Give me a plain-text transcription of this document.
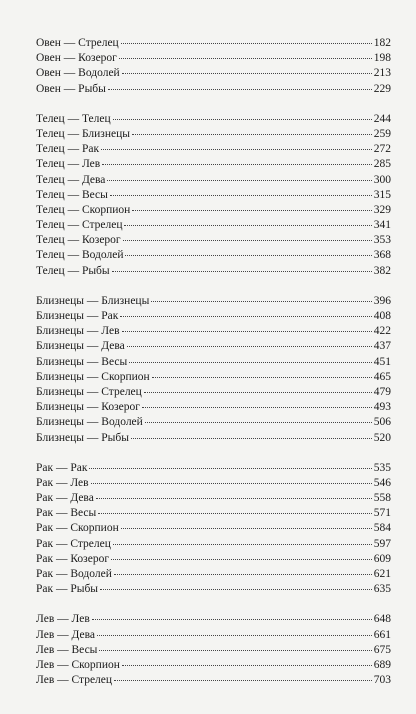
Овен — Стрелец	182
Овен — Козерог	198
Овен — Водолей	213
Овен — Рыбы	229
Телец — Телец	244
Телец — Близнецы	259
Телец — Рак	272
Телец — Лев	285
Телец — Дева	300
Телец — Весы	315
Телец — Скорпион	329
Телец — Стрелец	341
Телец — Козерог	353
Телец — Водолей	368
Телец — Рыбы	382
Близнецы — Близнецы	396
Близнецы — Рак	408
Близнецы — Лев	422
Близнецы — Дева	437
Близнецы — Весы	451
Близнецы — Скорпион	465
Близнецы — Стрелец	479
Близнецы — Козерог	493
Близнецы — Водолей	506
Близнецы — Рыбы	520
Рак — Рак	535
Рак — Лев	546
Рак — Дева	558
Рак — Весы	571
Рак — Скорпион	584
Рак — Стрелец	597
Рак — Козерог	609
Рак — Водолей	621
Рак — Рыбы	635
Лев — Лев	648
Лев — Дева	661
Лев — Весы	675
Лев — Скорпион	689
Лев — Стрелец	703
